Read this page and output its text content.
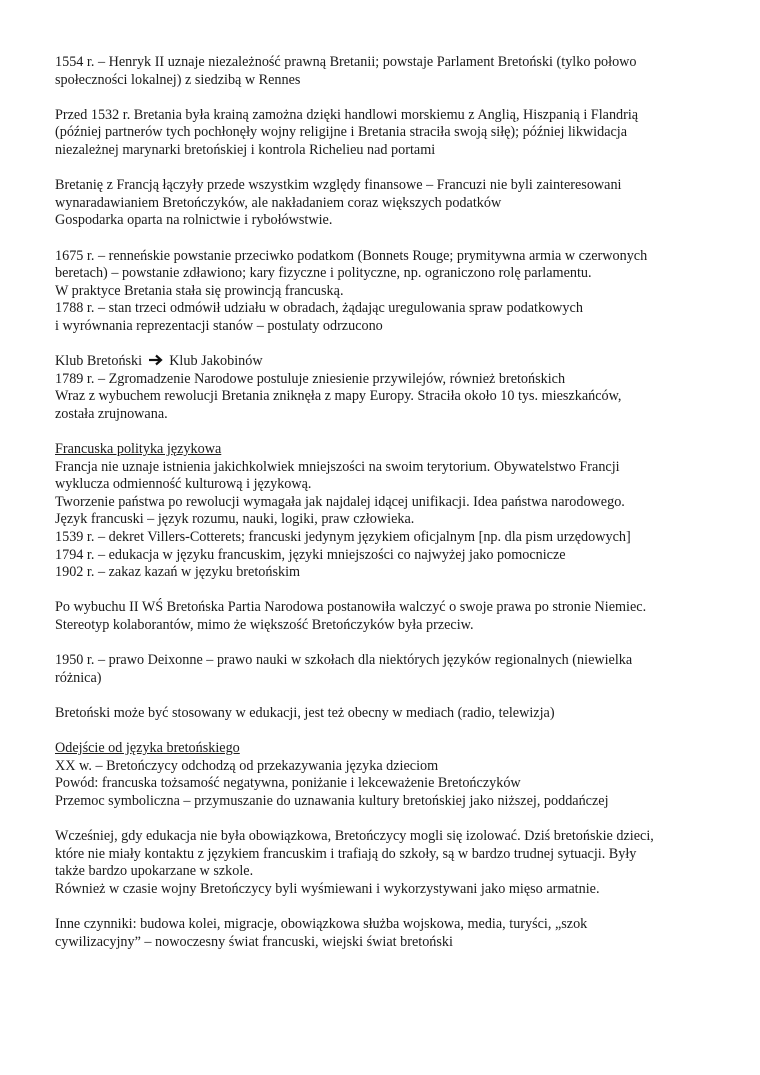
1554 r. – Henryk II uznaje niezależność prawną Bretanii; powstaje Parlament Bretoński (tylko połowo
społeczności lokalnej) z siedzibą w Rennes
Przed 1532 r. Bretania była krainą zamożna dzięki handlowi morskiemu z Anglią, Hiszpanią i Flandrią
(później partnerów tych pochłonęły wojny religijne i Bretania straciła swoją siłę); później likwidacja
niezależnej marynarki bretońskiej i kontrola Richelieu nad portami
Bretanię z Francją łączyły przede wszystkim względy finansowe – Francuzi nie byli zainteresowani
wynaradawianiem Bretończyków, ale nakładaniem coraz większych podatków
Gospodarka oparta na rolnictwie i rybołówstwie.
1675 r. – renneńskie powstanie przeciwko podatkom (Bonnets Rouge; prymitywna armia w czerwonych
beretach) – powstanie zdławiono; kary fizyczne i polityczne, np. ograniczono rolę parlamentu.
W praktyce Bretania stała się prowincją francuską.
1788 r. – stan trzeci odmówił udziału w obradach, żądając uregulowania spraw podatkowych
i wyrównania reprezentacji stanów – postulaty odrzucono
Klub Bretoński Klub Jakobinów
1789 r. – Zgromadzenie Narodowe postuluje zniesienie przywilejów, również bretońskich
Wraz z wybuchem rewolucji Bretania zniknęła z mapy Europy. Straciła około 10 tys. mieszkańców,
została zrujnowana.
Francuska polityka językowa
Francja nie uznaje istnienia jakichkolwiek mniejszości na swoim terytorium. Obywatelstwo Francji
wyklucza odmienność kulturową i językową.
Tworzenie państwa po rewolucji wymagała jak najdalej idącej unifikacji. Idea państwa narodowego.
Język francuski – język rozumu, nauki, logiki, praw człowieka.
1539 r. – dekret Villers-Cotterets; francuski jedynym językiem oficjalnym [np. dla pism urzędowych]
1794 r. – edukacja w języku francuskim, języki mniejszości co najwyżej jako pomocnicze
1902 r. – zakaz kazań w języku bretońskim
Po wybuchu II WŚ Bretońska Partia Narodowa postanowiła walczyć o swoje prawa po stronie Niemiec.
Stereotyp kolaborantów, mimo że większość Bretończyków była przeciw.
1950 r. – prawo Deixonne – prawo nauki w szkołach dla niektórych języków regionalnych (niewielka
różnica)
Bretoński może być stosowany w edukacji, jest też obecny w mediach (radio, telewizja)
Odejście od języka bretońskiego
XX w. – Bretończycy odchodzą od przekazywania języka dzieciom
Powód: francuska tożsamość negatywna, poniżanie i lekceważenie Bretończyków
Przemoc symboliczna – przymuszanie do uznawania kultury bretońskiej jako niższej, poddańczej
Wcześniej, gdy edukacja nie była obowiązkowa, Bretończycy mogli się izolować. Dziś bretońskie dzieci,
które nie miały kontaktu z językiem francuskim i trafiają do szkoły, są w bardzo trudnej sytuacji. Były
także bardzo upokarzane w szkole.
Również w czasie wojny Bretończycy byli wyśmiewani i wykorzystywani jako mięso armatnie.
Inne czynniki: budowa kolei, migracje, obowiązkowa służba wojskowa, media, turyści, „szok
cywilizacyjny” – nowoczesny świat francuski, wiejski świat bretoński
